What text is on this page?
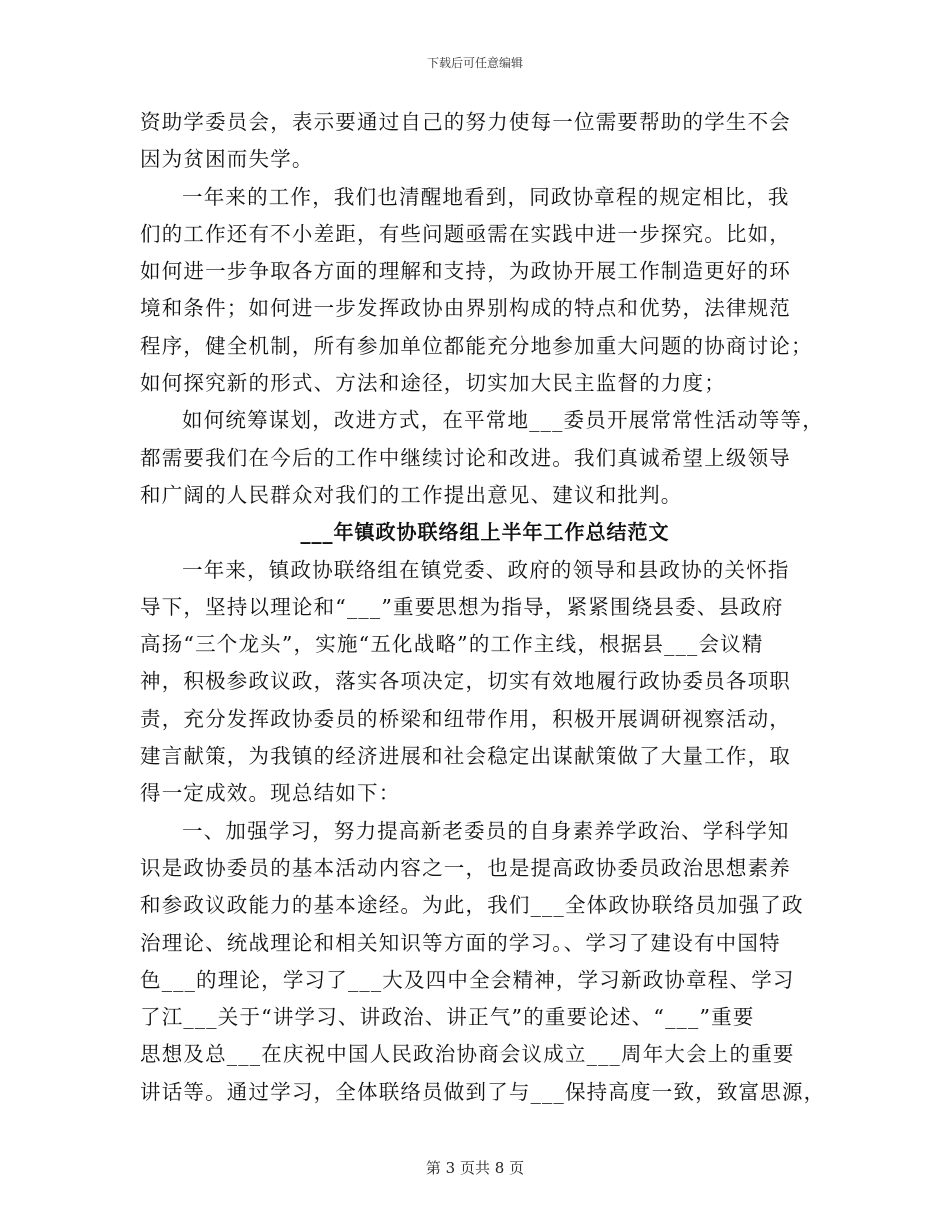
下载后可任意编辑
资助学委员会，表示要通过自己的努力使每一位需要帮助的学生不会
因为贫困而失学。
一年来的工作，我们也清醒地看到，同政协章程的规定相比，我
们的工作还有不小差距，有些问题亟需在实践中进一步探究。比如，
如何进一步争取各方面的理解和支持，为政协开展工作制造更好的环
境和条件；如何进一步发挥政协由界别构成的特点和优势，法律规范
程序，健全机制，所有参加单位都能充分地参加重大问题的协商讨论；
如何探究新的形式、方法和途径，切实加大民主监督的力度；
如何统筹谋划，改进方式，在平常地___委员开展常常性活动等等，
都需要我们在今后的工作中继续讨论和改进。我们真诚希望上级领导
和广阔的人民群众对我们的工作提出意见、建议和批判。
___年镇政协联络组上半年工作总结范文
一年来，镇政协联络组在镇党委、政府的领导和县政协的关怀指
导下，坚持以理论和“___”重要思想为指导，紧紧围绕县委、县政府
高扬“三个龙头”，实施“五化战略”的工作主线，根据县___会议精
神，积极参政议政，落实各项决定，切实有效地履行政协委员各项职
责，充分发挥政协委员的桥梁和纽带作用，积极开展调研视察活动，
建言献策，为我镇的经济进展和社会稳定出谋献策做了大量工作，取
得一定成效。现总结如下：
一、加强学习，努力提高新老委员的自身素养学政治、学科学知
识是政协委员的基本活动内容之一，也是提高政协委员政治思想素养
和参政议政能力的基本途经。为此，我们___全体政协联络员加强了政
治理论、统战理论和相关知识等方面的学习。、学习了建设有中国特
色___的理论，学习了___大及四中全会精神，学习新政协章程、学习
了江___关于“讲学习、讲政治、讲正气”的重要论述、“___”重要
思想及总___在庆祝中国人民政治协商会议成立___周年大会上的重要
讲话等。通过学习，全体联络员做到了与___保持高度一致，致富思源，
第 3 页共 8 页
